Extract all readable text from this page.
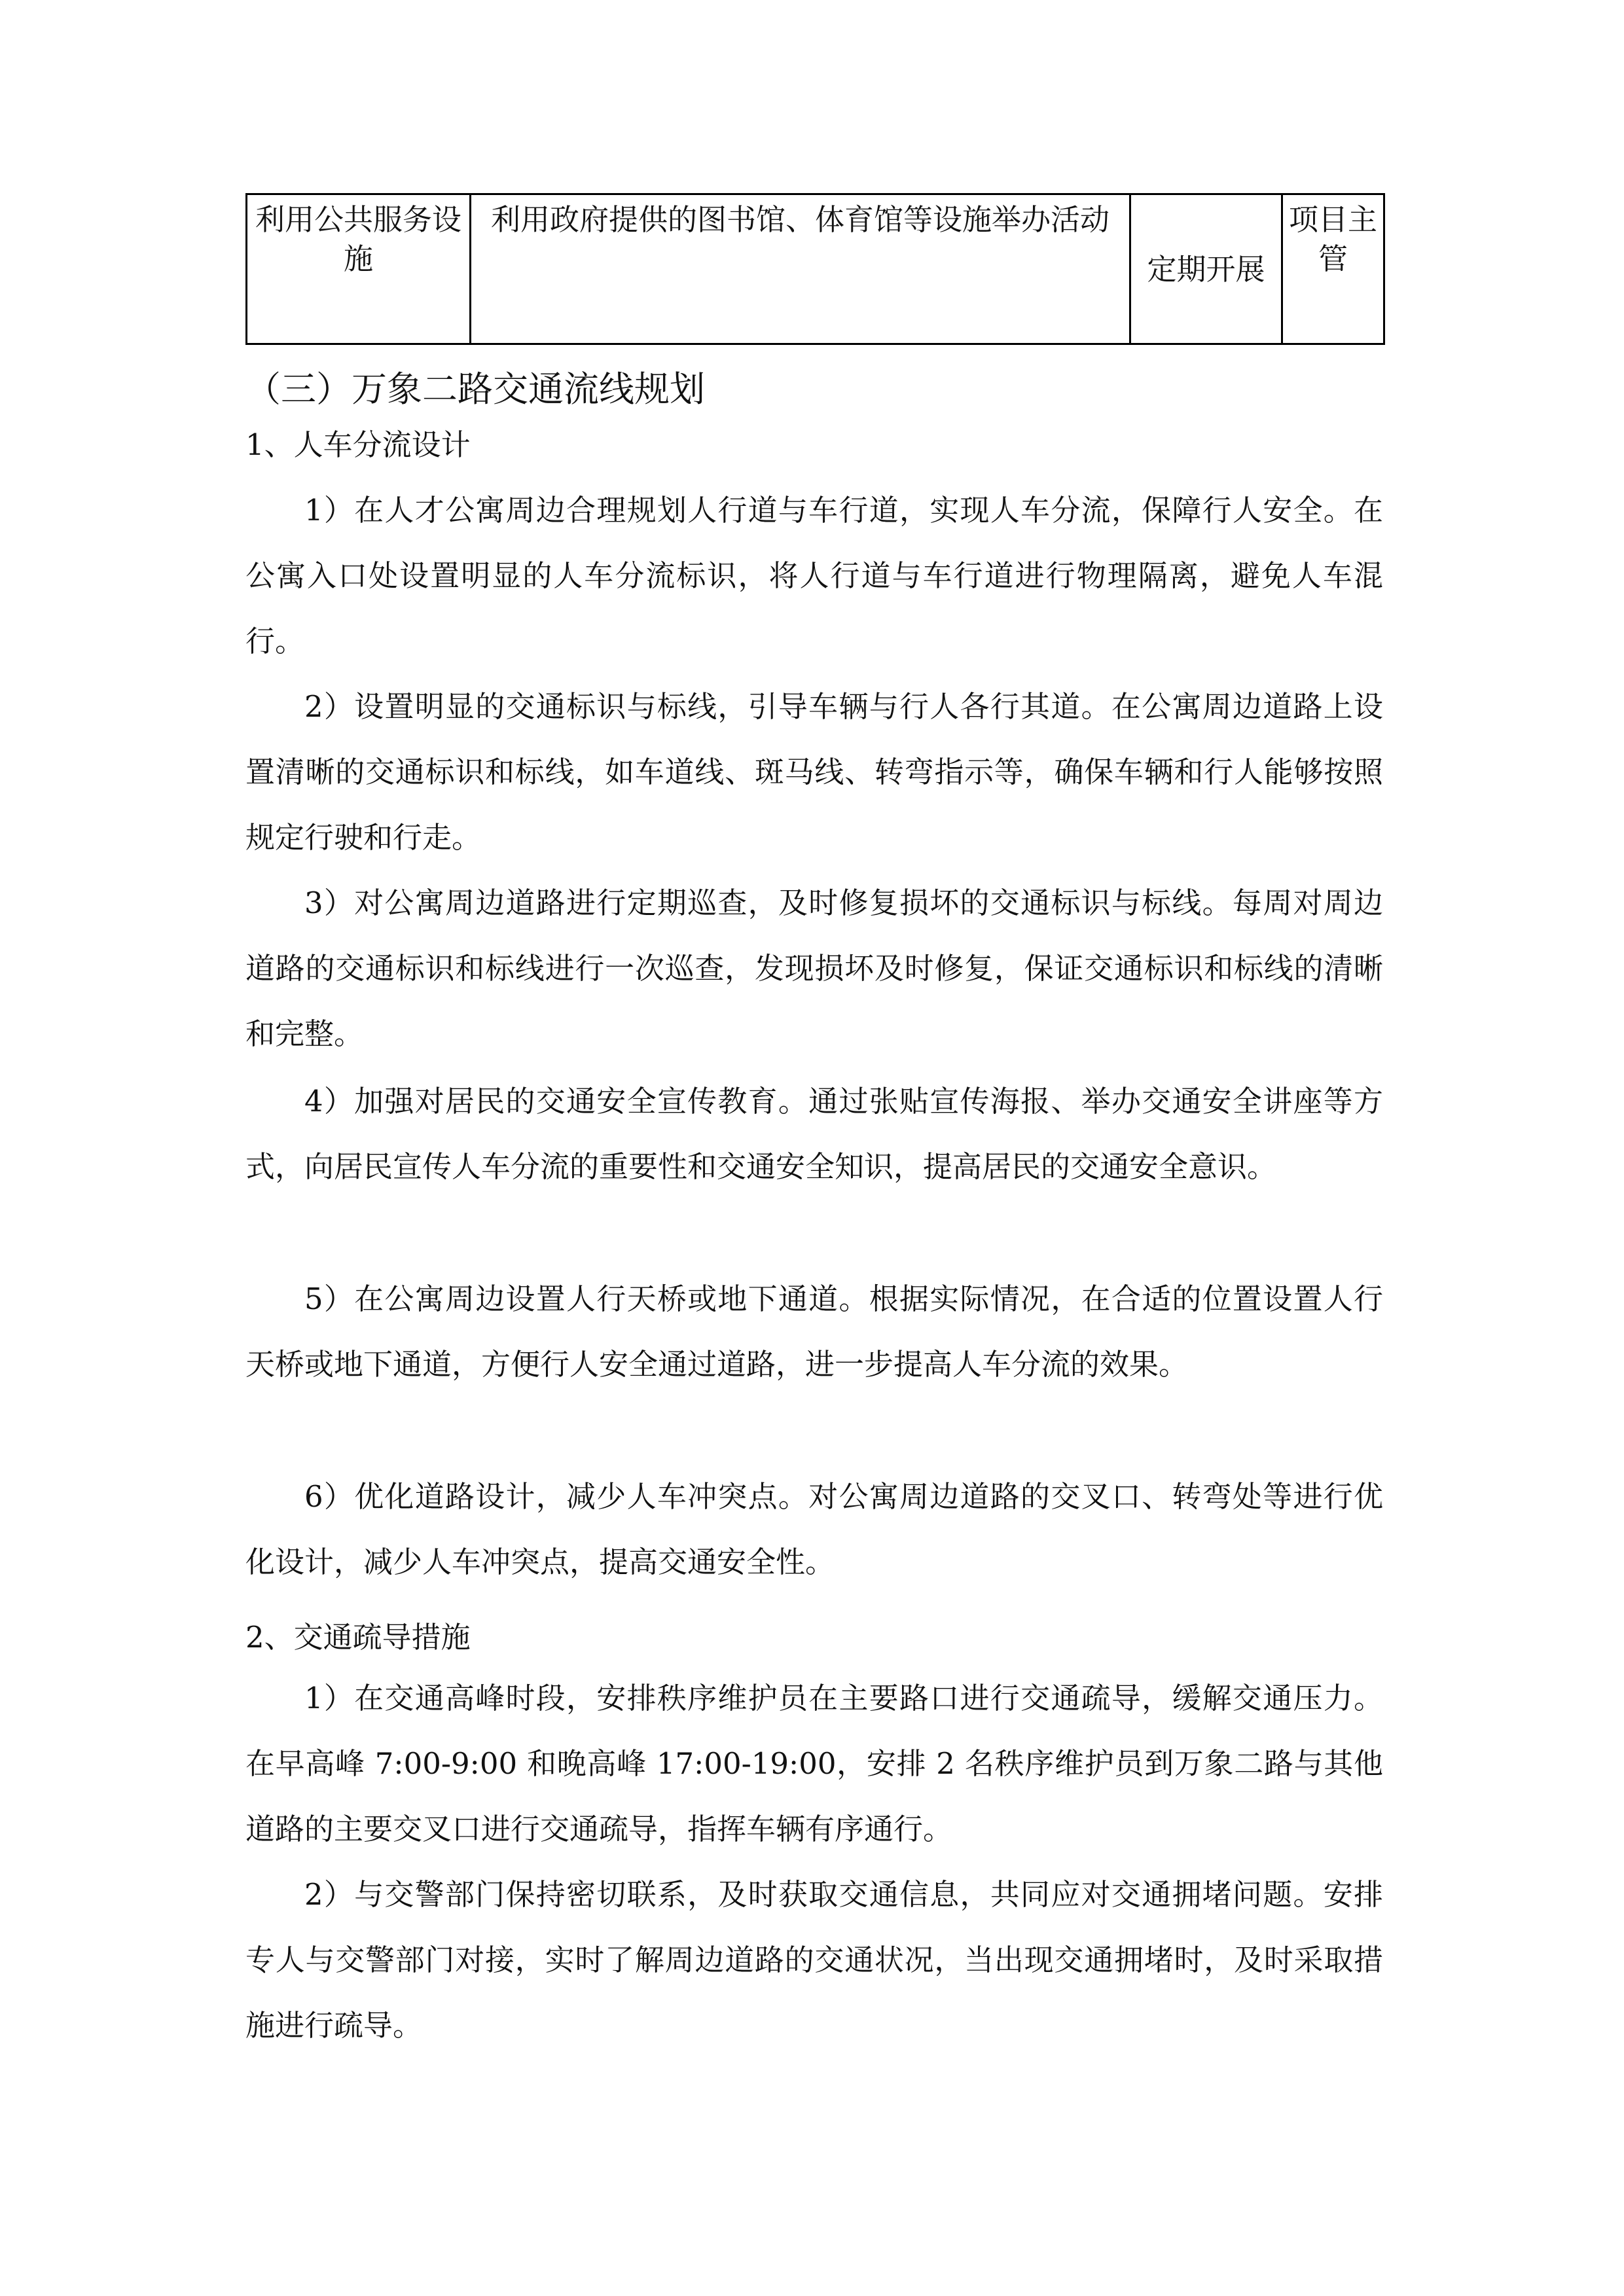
利用公共服务设施	利用政府提供的图书馆、体育馆等设施举办活动	定期开展	项目主管
（三）万象二路交通流线规划
1、人车分流设计

1）在人才公寓周边合理规划人行道与车行道，实现人车分流，保障行人安全。在公寓入口处设置明显的人车分流标识，将人行道与车行道进行物理隔离，避免人车混行。

2）设置明显的交通标识与标线，引导车辆与行人各行其道。在公寓周边道路上设置清晰的交通标识和标线，如车道线、斑马线、转弯指示等，确保车辆和行人能够按照规定行驶和行走。

3）对公寓周边道路进行定期巡查，及时修复损坏的交通标识与标线。每周对周边道路的交通标识和标线进行一次巡查，发现损坏及时修复，保证交通标识和标线的清晰和完整。

4）加强对居民的交通安全宣传教育。通过张贴宣传海报、举办交通安全讲座等方式，向居民宣传人车分流的重要性和交通安全知识，提高居民的交通安全意识。

5）在公寓周边设置人行天桥或地下通道。根据实际情况，在合适的位置设置人行天桥或地下通道，方便行人安全通过道路，进一步提高人车分流的效果。

6）优化道路设计，减少人车冲突点。对公寓周边道路的交叉口、转弯处等进行优化设计，减少人车冲突点，提高交通安全性。

2、交通疏导措施

1）在交通高峰时段，安排秩序维护员在主要路口进行交通疏导，缓解交通压力。在早高峰 7:00-9:00 和晚高峰 17:00-19:00，安排 2 名秩序维护员到万象二路与其他道路的主要交叉口进行交通疏导，指挥车辆有序通行。

2）与交警部门保持密切联系，及时获取交通信息，共同应对交通拥堵问题。安排专人与交警部门对接，实时了解周边道路的交通状况，当出现交通拥堵时，及时采取措施进行疏导。
